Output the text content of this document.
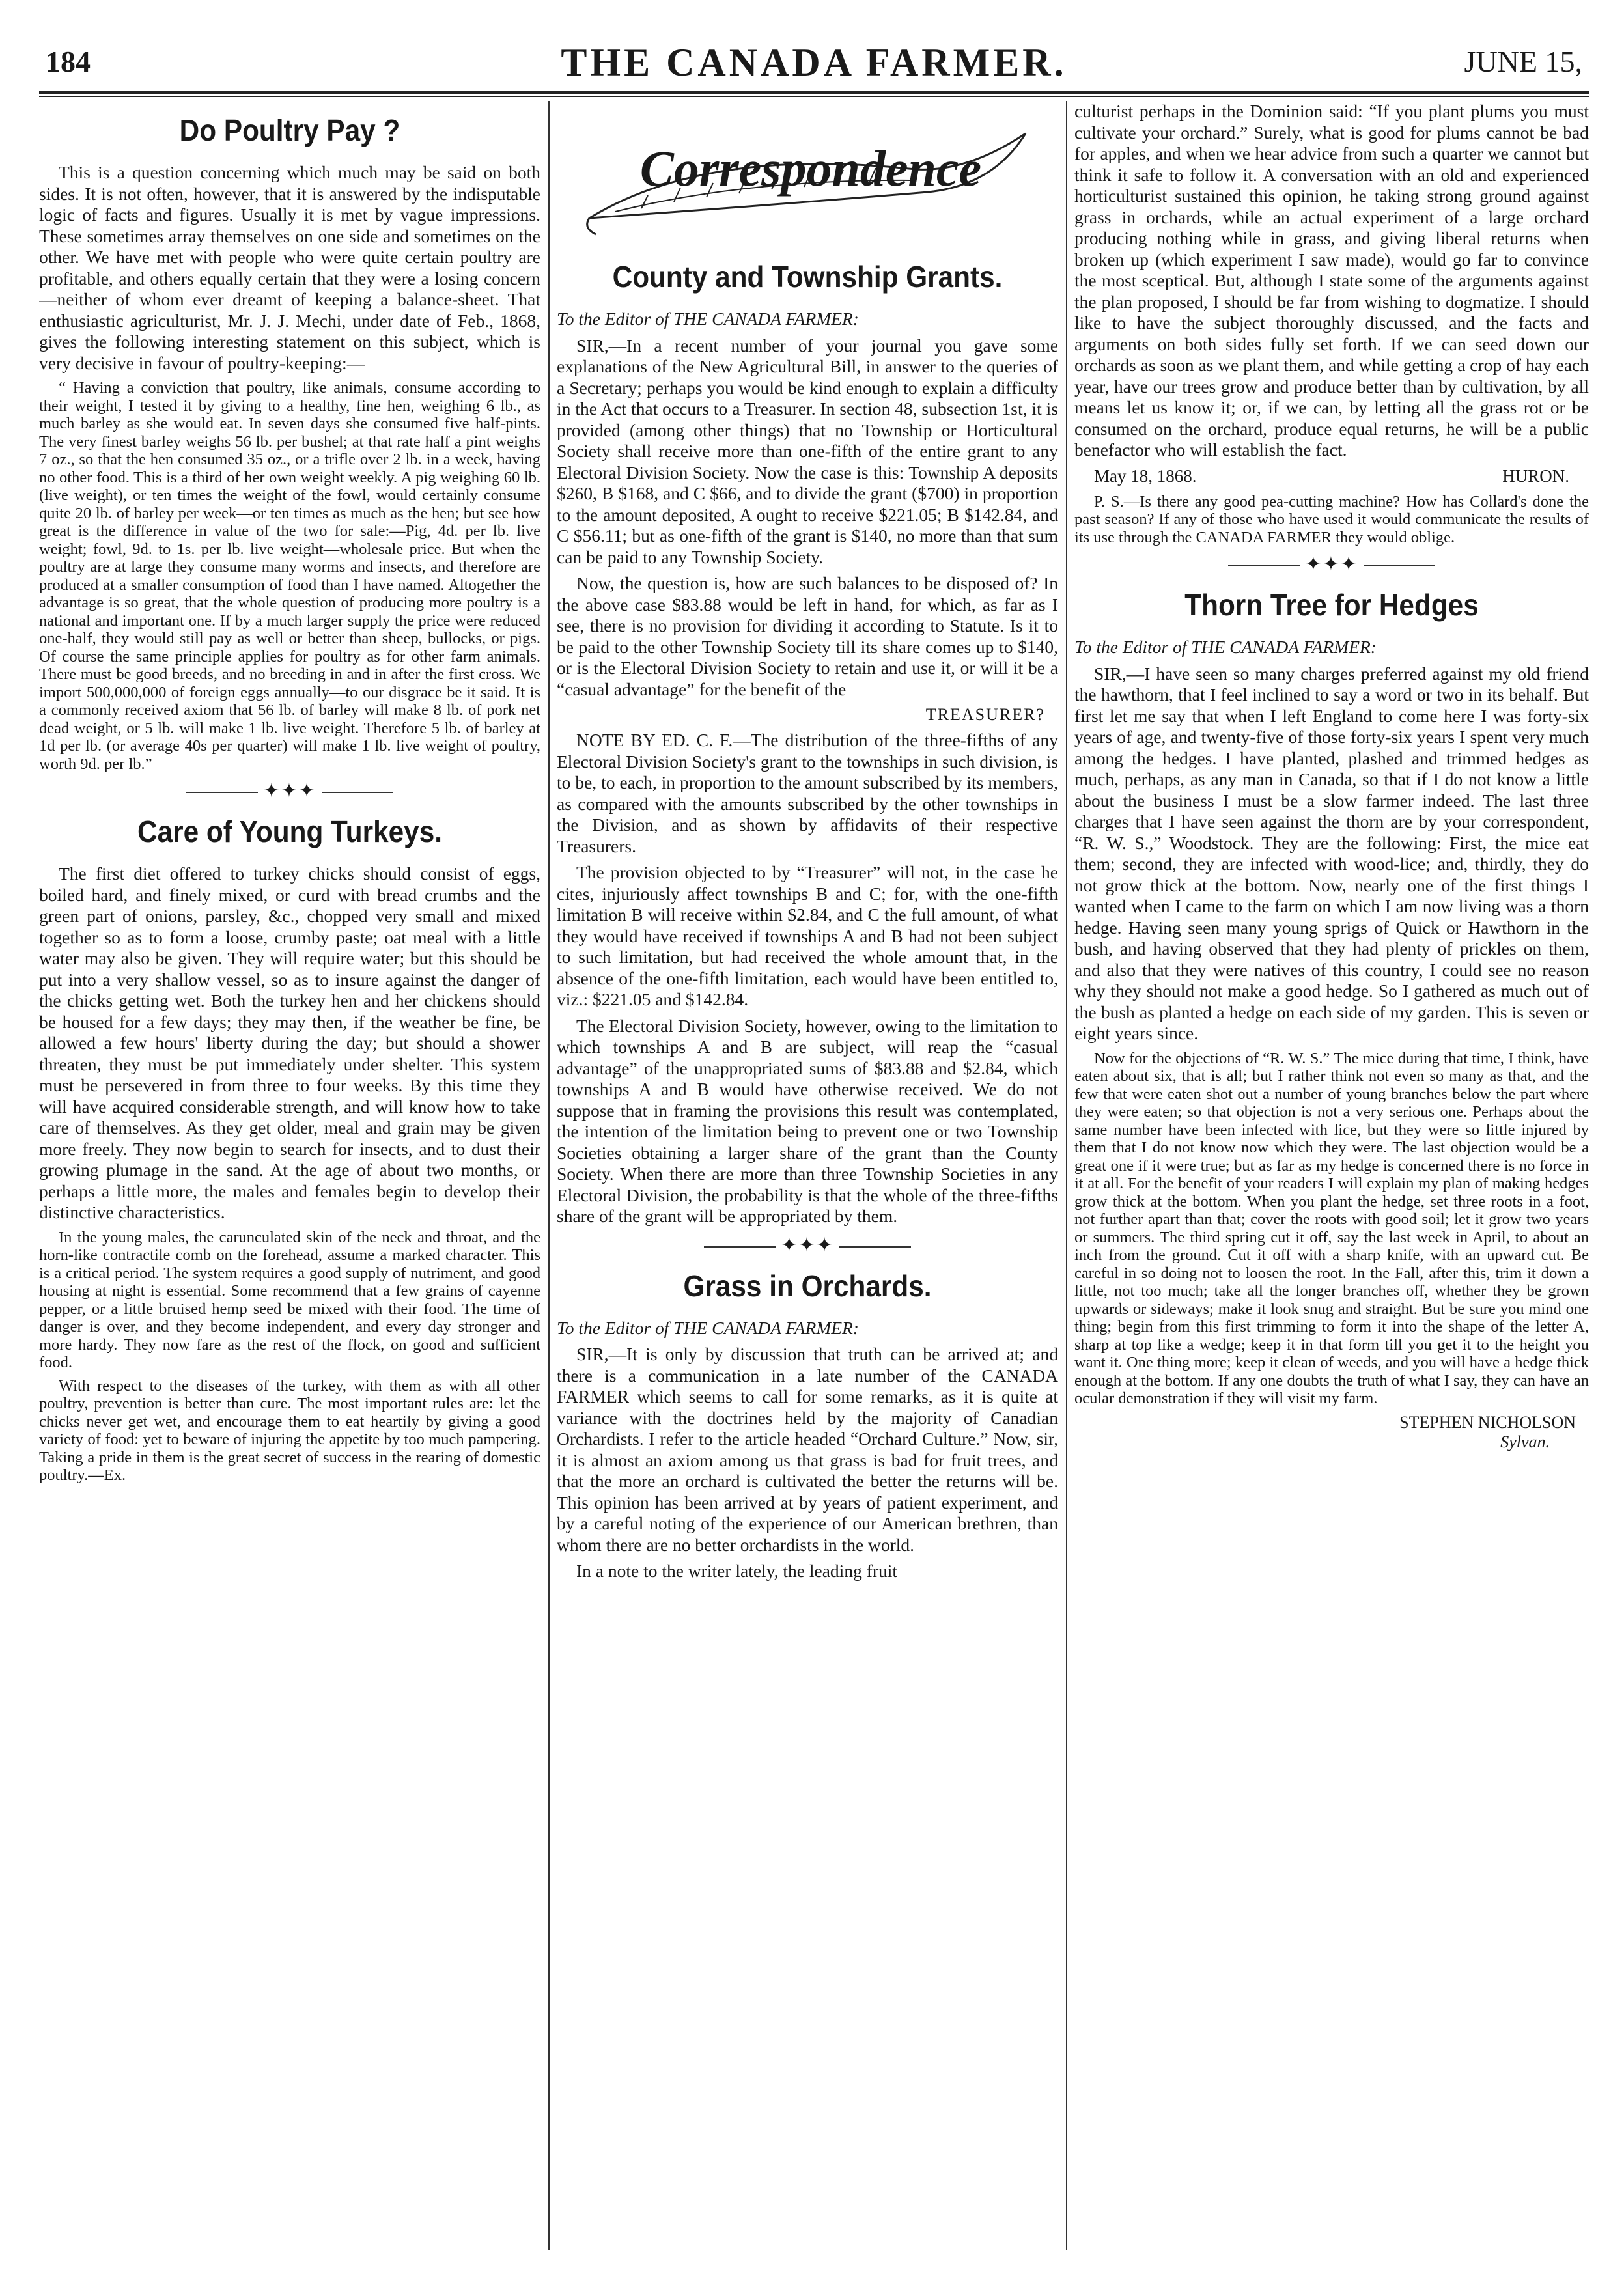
184	THE CANADA FARMER.	JUNE 15,
Do Poultry Pay ?

This is a question concerning which much may be said on both sides. It is not often, however, that it is answered by the indisputable logic of facts and figures. Usually it is met by vague impressions. These sometimes array themselves on one side and sometimes on the other. We have met with people who were quite certain poultry are profitable, and others equally certain that they were a losing concern—neither of whom ever dreamt of keeping a balance-sheet. That enthusiastic agriculturist, Mr. J. J. Mechi, under date of Feb., 1868, gives the following interesting statement on this subject, which is very decisive in favour of poultry-keeping:—

“ Having a conviction that poultry, like animals, consume according to their weight, I tested it by giving to a healthy, fine hen, weighing 6 lb., as much barley as she would eat. In seven days she consumed five half-pints. The very finest barley weighs 56 lb. per bushel; at that rate half a pint weighs 7 oz., so that the hen consumed 35 oz., or a trifle over 2 lb. in a week, having no other food. This is a third of her own weight weekly. A pig weighing 60 lb. (live weight), or ten times the weight of the fowl, would certainly consume quite 20 lb. of barley per week—or ten times as much as the hen; but see how great is the difference in value of the two for sale:—Pig, 4d. per lb. live weight; fowl, 9d. to 1s. per lb. live weight—wholesale price. But when the poultry are at large they consume many worms and insects, and therefore are produced at a smaller consumption of food than I have named. Altogether the advantage is so great, that the whole question of producing more poultry is a national and important one. If by a much larger supply the price were reduced one-half, they would still pay as well or better than sheep, bullocks, or pigs. Of course the same principle applies for poultry as for other farm animals. There must be good breeds, and no breeding in and in after the first cross. We import 500,000,000 of foreign eggs annually—to our disgrace be it said. It is a commonly received axiom that 56 lb. of barley will make 8 lb. of pork net dead weight, or 5 lb. will make 1 lb. live weight. Therefore 5 lb. of barley at 1d per lb. (or average 40s per quarter) will make 1 lb. live weight of poultry, worth 9d. per lb.”

✦✦✦
Care of Young Turkeys.

The first diet offered to turkey chicks should consist of eggs, boiled hard, and finely mixed, or curd with bread crumbs and the green part of onions, parsley, &c., chopped very small and mixed together so as to form a loose, crumby paste; oat meal with a little water may also be given. They will require water; but this should be put into a very shallow vessel, so as to insure against the danger of the chicks getting wet. Both the turkey hen and her chickens should be housed for a few days; they may then, if the weather be fine, be allowed a few hours' liberty during the day; but should a shower threaten, they must be put immediately under shelter. This system must be persevered in from three to four weeks. By this time they will have acquired considerable strength, and will know how to take care of themselves. As they get older, meal and grain may be given more freely. They now begin to search for insects, and to dust their growing plumage in the sand. At the age of about two months, or perhaps a little more, the males and females begin to develop their distinctive characteristics.

In the young males, the carunculated skin of the neck and throat, and the horn-like contractile comb on the forehead, assume a marked character. This is a critical period. The system requires a good supply of nutriment, and good housing at night is essential. Some recommend that a few grains of cayenne pepper, or a little bruised hemp seed be mixed with their food. The time of danger is over, and they become independent, and every day stronger and more hardy. They now fare as the rest of the flock, on good and sufficient food.

With respect to the diseases of the turkey, with them as with all other poultry, prevention is better than cure. The most important rules are: let the chicks never get wet, and encourage them to eat heartily by giving a good variety of food: yet to beware of injuring the appetite by too much pampering. Taking a pride in them is the great secret of success in the rearing of domestic poultry.—Ex.

Correspondence
County and Township Grants.

To the Editor of THE CANADA FARMER:

SIR,—In a recent number of your journal you gave some explanations of the New Agricultural Bill, in answer to the queries of a Secretary; perhaps you would be kind enough to explain a difficulty in the Act that occurs to a Treasurer. In section 48, subsection 1st, it is provided (among other things) that no Township or Horticultural Society shall receive more than one-fifth of the entire grant to any Electoral Division Society. Now the case is this: Township A deposits $260, B $168, and C $66, and to divide the grant ($700) in proportion to the amount deposited, A ought to receive $221.05; B $142.84, and C $56.11; but as one-fifth of the grant is $140, no more than that sum can be paid to any Township Society.

Now, the question is, how are such balances to be disposed of? In the above case $83.88 would be left in hand, for which, as far as I see, there is no provision for dividing it according to Statute. Is it to be paid to the other Township Society till its share comes up to $140, or is the Electoral Division Society to retain and use it, or will it be a “casual advantage” for the benefit of the

TREASURER?

NOTE BY ED. C. F.—The distribution of the three-fifths of any Electoral Division Society's grant to the townships in such division, is to be, to each, in proportion to the amount subscribed by its members, as compared with the amounts subscribed by the other townships in the Division, and as shown by affidavits of their respective Treasurers.

The provision objected to by “Treasurer” will not, in the case he cites, injuriously affect townships B and C; for, with the one-fifth limitation B will receive within $2.84, and C the full amount, of what they would have received if townships A and B had not been subject to such limitation, but had received the whole amount that, in the absence of the one-fifth limitation, each would have been entitled to, viz.: $221.05 and $142.84.

The Electoral Division Society, however, owing to the limitation to which townships A and B are subject, will reap the “casual advantage” of the unappropriated sums of $83.88 and $2.84, which townships A and B would have otherwise received. We do not suppose that in framing the provisions this result was contemplated, the intention of the limitation being to prevent one or two Township Societies obtaining a larger share of the grant than the County Society. When there are more than three Township Societies in any Electoral Division, the probability is that the whole of the three-fifths share of the grant will be appropriated by them.

✦✦✦
Grass in Orchards.

To the Editor of THE CANADA FARMER:

SIR,—It is only by discussion that truth can be arrived at; and there is a communication in a late number of the CANADA FARMER which seems to call for some remarks, as it is quite at variance with the doctrines held by the majority of Canadian Orchardists. I refer to the article headed “Orchard Culture.” Now, sir, it is almost an axiom among us that grass is bad for fruit trees, and that the more an orchard is cultivated the better the returns will be. This opinion has been arrived at by years of patient experiment, and by a careful noting of the experience of our American brethren, than whom there are no better orchardists in the world.

In a note to the writer lately, the leading fruit

culturist perhaps in the Dominion said: “If you plant plums you must cultivate your orchard.” Surely, what is good for plums cannot be bad for apples, and when we hear advice from such a quarter we cannot but think it safe to follow it. A conversation with an old and experienced horticulturist sustained this opinion, he taking strong ground against grass in orchards, while an actual experiment of a large orchard producing nothing while in grass, and giving liberal returns when broken up (which experiment I saw made), would go far to convince the most sceptical. But, although I state some of the arguments against the plan proposed, I should be far from wishing to dogmatize. I should like to have the subject thoroughly discussed, and the facts and arguments on both sides fully set forth. If we can seed down our orchards as soon as we plant them, and while getting a crop of hay each year, have our trees grow and produce better than by cultivation, by all means let us know it; or, if we can, by letting all the grass rot or be consumed on the orchard, produce equal returns, he will be a public benefactor who will establish the fact.

May 18, 1868.	HURON.

P. S.—Is there any good pea-cutting machine? How has Collard's done the past season? If any of those who have used it would communicate the results of its use through the CANADA FARMER they would oblige.

✦✦✦
Thorn Tree for Hedges

To the Editor of THE CANADA FARMER:

SIR,—I have seen so many charges preferred against my old friend the hawthorn, that I feel inclined to say a word or two in its behalf. But first let me say that when I left England to come here I was forty-six years of age, and twenty-five of those forty-six years I spent very much among the hedges. I have planted, plashed and trimmed hedges as much, perhaps, as any man in Canada, so that if I do not know a little about the business I must be a slow farmer indeed. The last three charges that I have seen against the thorn are by your correspondent, “R. W. S.,” Woodstock. They are the following: First, the mice eat them; second, they are infected with wood-lice; and, thirdly, they do not grow thick at the bottom. Now, nearly one of the first things I wanted when I came to the farm on which I am now living was a thorn hedge. Having seen many young sprigs of Quick or Hawthorn in the bush, and having observed that they had plenty of prickles on them, and also that they were natives of this country, I could see no reason why they should not make a good hedge. So I gathered as much out of the bush as planted a hedge on each side of my garden. This is seven or eight years since.

Now for the objections of “R. W. S.” The mice during that time, I think, have eaten about six, that is all; but I rather think not even so many as that, and the few that were eaten shot out a number of young branches below the part where they were eaten; so that objection is not a very serious one. Perhaps about the same number have been infected with lice, but they were so little injured by them that I do not know now which they were. The last objection would be a great one if it were true; but as far as my hedge is concerned there is no force in it at all. For the benefit of your readers I will explain my plan of making hedges grow thick at the bottom. When you plant the hedge, set three roots in a foot, not further apart than that; cover the roots with good soil; let it grow two years or summers. The third spring cut it off, say the last week in April, to about an inch from the ground. Cut it off with a sharp knife, with an upward cut. Be careful in so doing not to loosen the root. In the Fall, after this, trim it down a little, not too much; take all the longer branches off, whether they be grown upwards or sideways; make it look snug and straight. But be sure you mind one thing; begin from this first trimming to form it into the shape of the letter A, sharp at top like a wedge; keep it in that form till you get it to the height you want it. One thing more; keep it clean of weeds, and you will have a hedge thick enough at the bottom. If any one doubts the truth of what I say, they can have an ocular demonstration if they will visit my farm.

STEPHEN NICHOLSON
Sylvan.
